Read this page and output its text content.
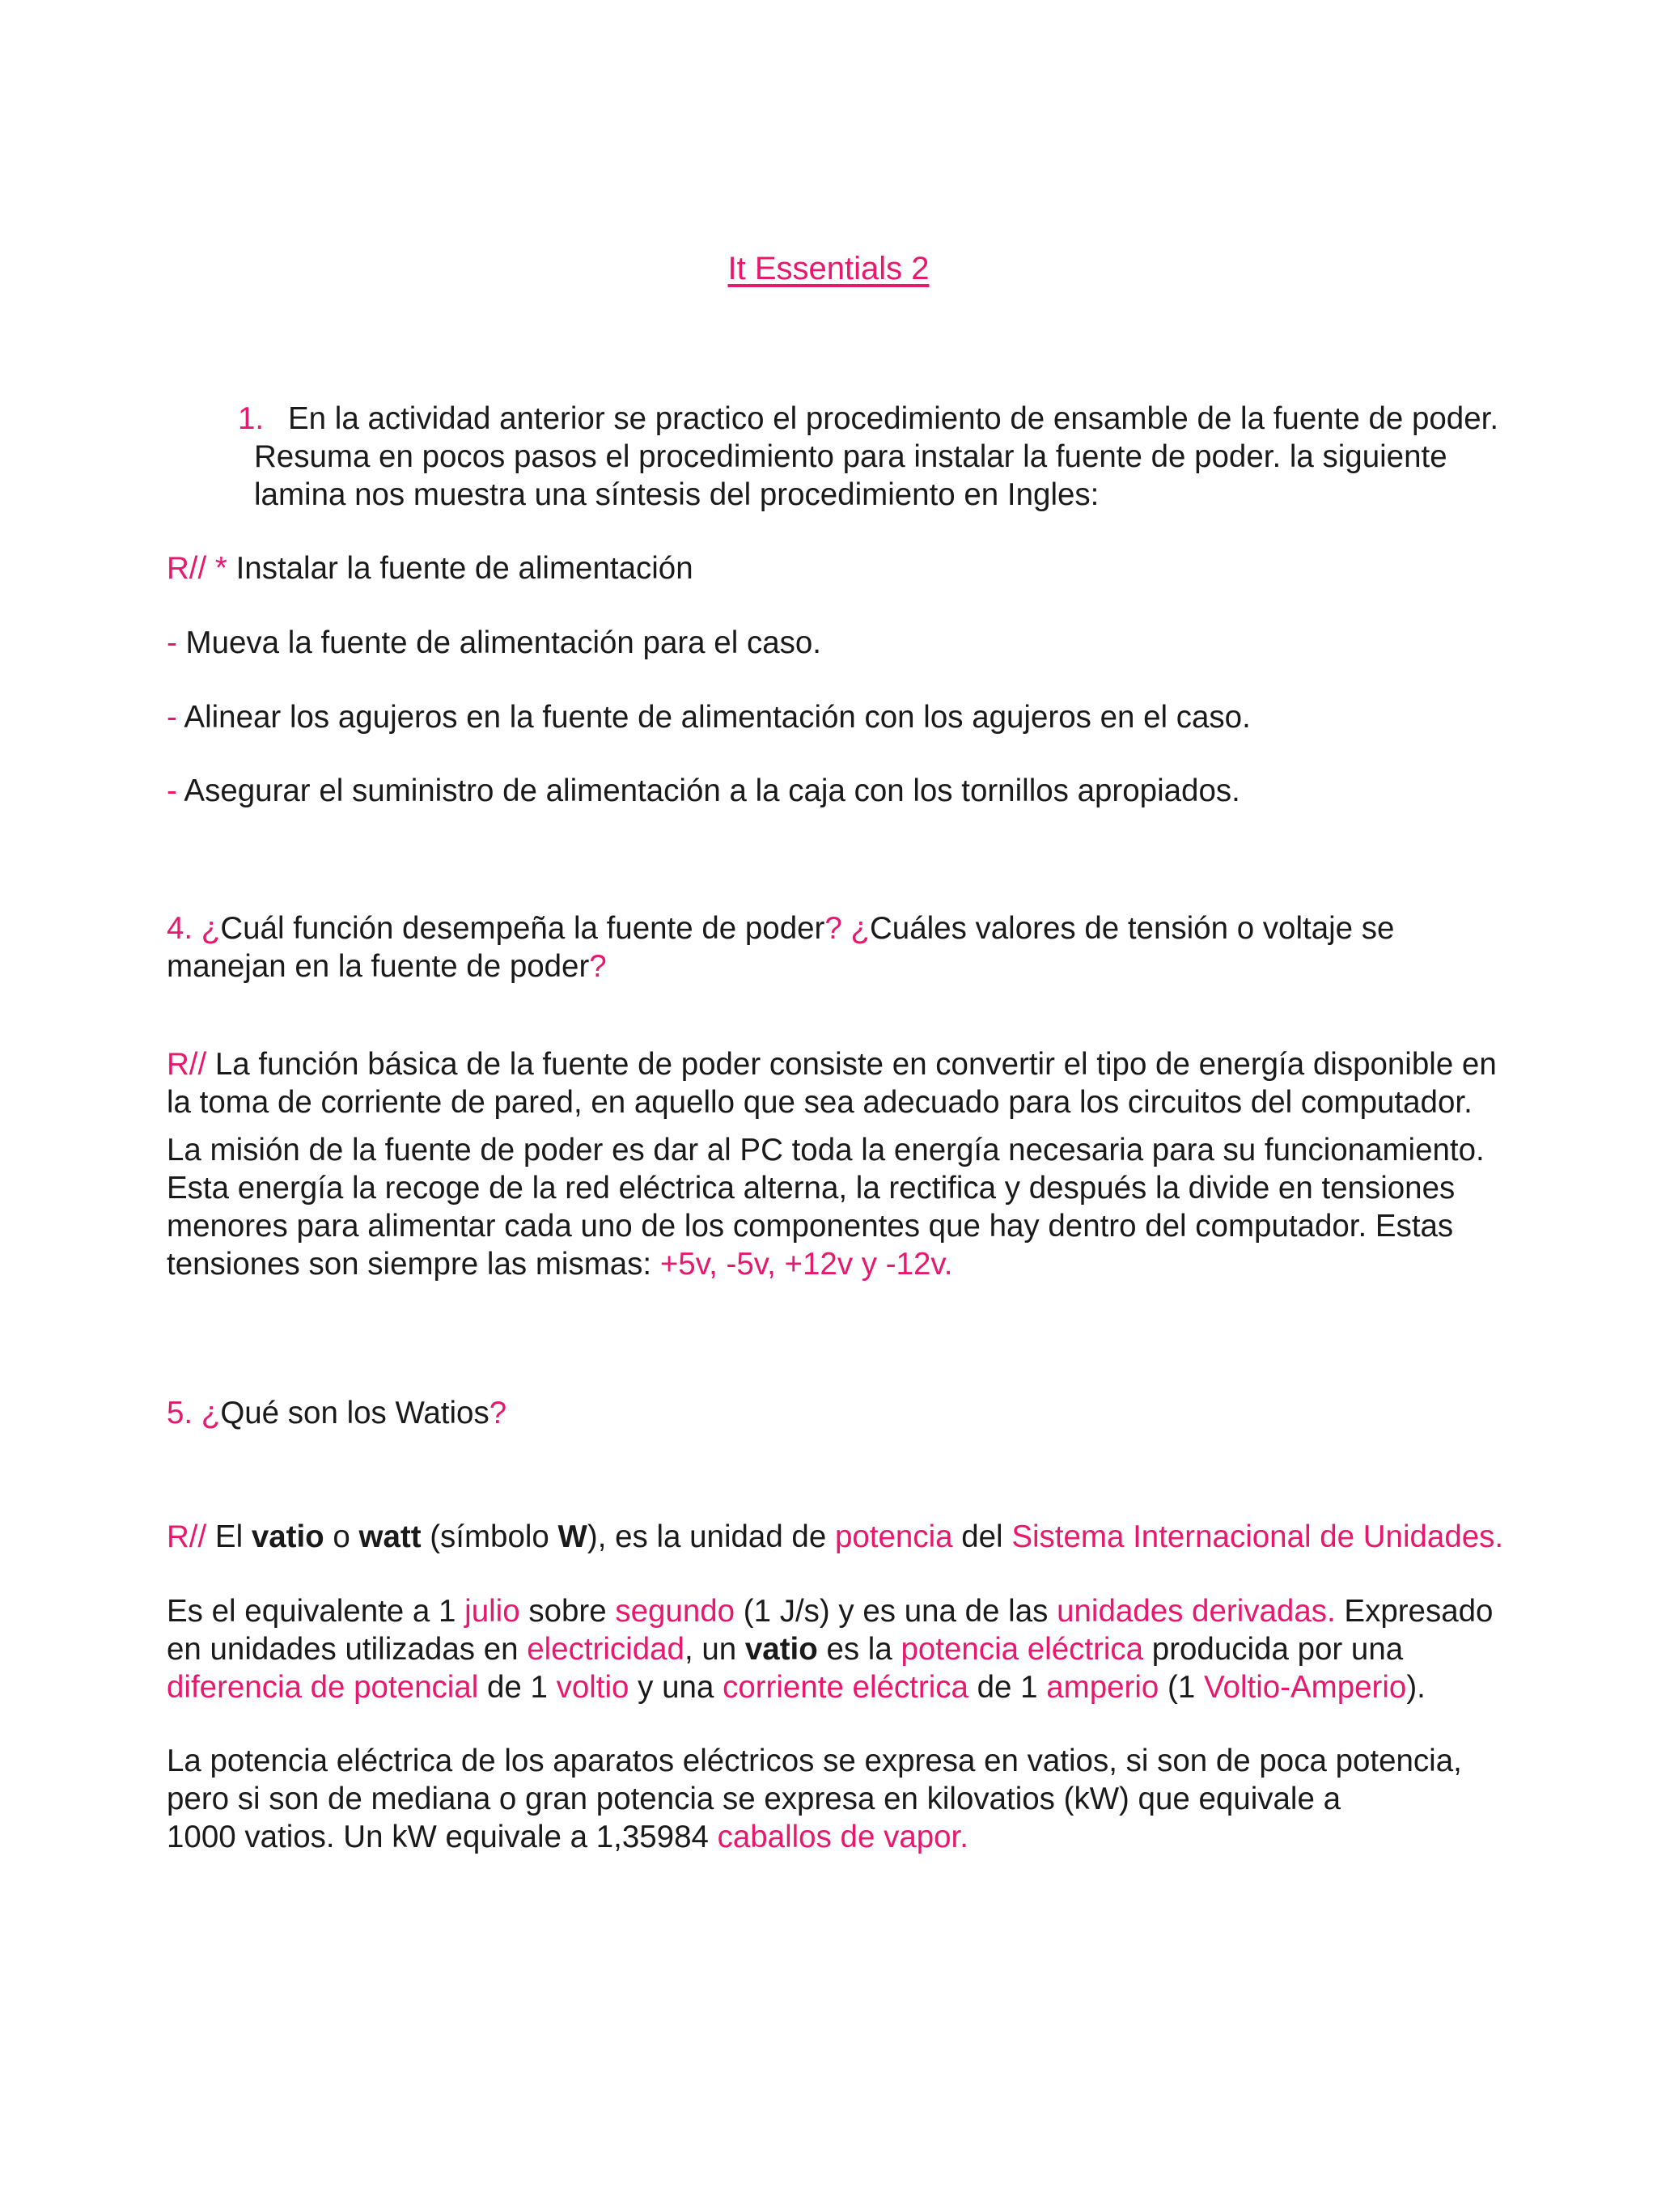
It Essentials 2
1. En la actividad anterior se practico el procedimiento de ensamble de la fuente de poder.
Resuma en pocos pasos el procedimiento para instalar la fuente de poder. la siguiente
lamina nos muestra una síntesis del procedimiento en Ingles:

R// * Instalar la fuente de alimentación

- Mueva la fuente de alimentación para el caso.

- Alinear los agujeros en la fuente de alimentación con los agujeros en el caso.

- Asegurar el suministro de alimentación a la caja con los tornillos apropiados.

4. ¿Cuál función desempeña la fuente de poder? ¿Cuáles valores de tensión o voltaje se
manejan en la fuente de poder?
R// La función básica de la fuente de poder consiste en convertir el tipo de energía disponible en
la toma de corriente de pared, en aquello que sea adecuado para los circuitos del computador.
La misión de la fuente de poder es dar al PC toda la energía necesaria para su funcionamiento.
Esta energía la recoge de la red eléctrica alterna, la rectifica y después la divide en tensiones
menores para alimentar cada uno de los componentes que hay dentro del computador. Estas
tensiones son siempre las mismas: +5v, -5v, +12v y -12v.

5. ¿Qué son los Watios?

R// El vatio o watt (símbolo W), es la unidad de potencia del Sistema Internacional de Unidades.

Es el equivalente a 1 julio sobre segundo (1 J/s) y es una de las unidades derivadas. Expresado
en unidades utilizadas en electricidad, un vatio es la potencia eléctrica producida por una
diferencia de potencial de 1 voltio y una corriente eléctrica de 1 amperio (1 Voltio-Amperio).
La potencia eléctrica de los aparatos eléctricos se expresa en vatios, si son de poca potencia,
pero si son de mediana o gran potencia se expresa en kilovatios (kW) que equivale a
1000 vatios. Un kW equivale a 1,35984 caballos de vapor.
